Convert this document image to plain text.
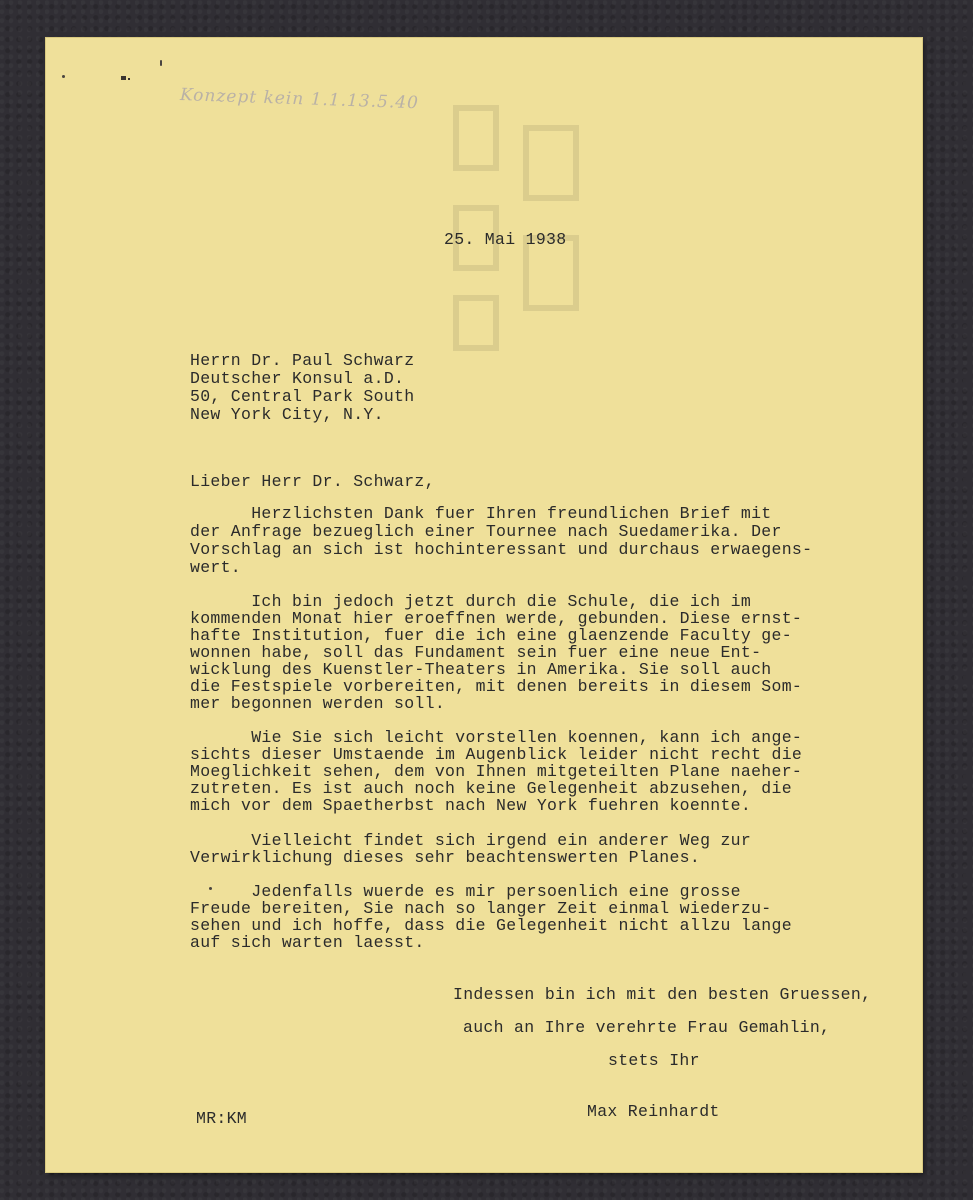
Konzept kein 1.1.13.5.40
25. Mai 1938
Herrn Dr. Paul Schwarz
Deutscher Konsul a.D.
50, Central Park South
New York City, N.Y.
Lieber Herr Dr. Schwarz,
Herzlichsten Dank fuer Ihren freundlichen Brief mit
der Anfrage bezueglich einer Tournee nach Suedamerika. Der
Vorschlag an sich ist hochinteressant und durchaus erwaegens-
wert.
Ich bin jedoch jetzt durch die Schule, die ich im
kommenden Monat hier eroeffnen werde, gebunden. Diese ernst-
hafte Institution, fuer die ich eine glaenzende Faculty ge-
wonnen habe, soll das Fundament sein fuer eine neue Ent-
wicklung des Kuenstler-Theaters in Amerika. Sie soll auch
die Festspiele vorbereiten, mit denen bereits in diesem Som-
mer begonnen werden soll.
Wie Sie sich leicht vorstellen koennen, kann ich ange-
sichts dieser Umstaende im Augenblick leider nicht recht die
Moeglichkeit sehen, dem von Ihnen mitgeteilten Plane naeher-
zutreten. Es ist auch noch keine Gelegenheit abzusehen, die
mich vor dem Spaetherbst nach New York fuehren koennte.
Vielleicht findet sich irgend ein anderer Weg zur
Verwirklichung dieses sehr beachtenswerten Planes.
Jedenfalls wuerde es mir persoenlich eine grosse
Freude bereiten, Sie nach so langer Zeit einmal wiederzu-
sehen und ich hoffe, dass die Gelegenheit nicht allzu lange
auf sich warten laesst.
Indessen bin ich mit den besten Gruessen,
auch an Ihre verehrte Frau Gemahlin,
stets Ihr
Max Reinhardt
MR:KM
